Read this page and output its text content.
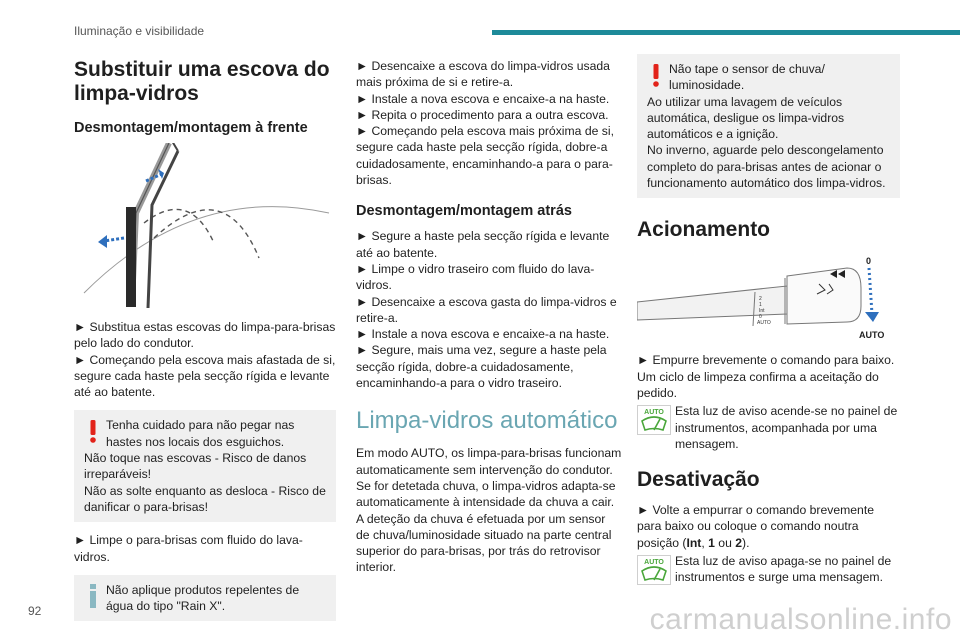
Iluminação e visibilidade
Substituir uma escova do limpa-vidros
Desmontagem/montagem à frente

► Substitua estas escovas do limpa-para-brisas pelo lado do condutor.

► Começando pela escova mais afastada de si, segure cada haste pela secção rígida e levante até ao batente.

Tenha cuidado para não pegar nas hastes nos locais dos esguichos.

Não toque nas escovas - Risco de danos irreparáveis!

Não as solte enquanto as desloca - Risco de danificar o para-brisas!

► Limpe o para-brisas com fluido do lava-vidros.

Não aplique produtos repelentes de água do tipo "Rain X".

► Desencaixe a escova do limpa-vidros usada mais próxima de si e retire-a.

► Instale a nova escova e encaixe-a na haste.

► Repita o procedimento para a outra escova.

► Começando pela escova mais próxima de si, segure cada haste pela secção rígida, dobre-a cuidadosamente, encaminhando-a para o para-brisas.

Desmontagem/montagem atrás

► Segure a haste pela secção rígida e levante até ao batente.

► Limpe o vidro traseiro com fluido do lava-vidros.

► Desencaixe a escova gasta do limpa-vidros e retire-a.

► Instale a nova escova e encaixe-a na haste.

► Segure, mais uma vez, segure a haste pela secção rígida, dobre-a cuidadosamente, encaminhando-a para o vidro traseiro.

Limpa-vidros automático

Em modo AUTO, os limpa-para-brisas funcionam automaticamente sem intervenção do condutor. Se for detetada chuva, o limpa-vidros adapta-se automaticamente à intensidade da chuva a cair. A deteção da chuva é efetuada por um sensor de chuva/luminosidade situado na parte central superior do para-brisas, por trás do retrovisor interior.

Não tape o sensor de chuva/ luminosidade.

Ao utilizar uma lavagem de veículos automática, desligue os limpa-vidros automáticos e a ignição.

No inverno, aguarde pelo descongelamento completo do para-brisas antes de acionar o funcionamento automático dos limpa-vidros.

Acionamento
2
1
Int
0
AUTO
0
AUTO

► Empurre brevemente o comando para baixo. Um ciclo de limpeza confirma a aceitação do pedido.

AUTO Esta luz de aviso acende-se no painel de instrumentos, acompanhada por uma mensagem.

Desativação

► Volte a empurrar o comando brevemente para baixo ou coloque o comando noutra posição (Int, 1 ou 2).

AUTO Esta luz de aviso apaga-se no painel de instrumentos e surge uma mensagem.

92	carmanualsonline.info
